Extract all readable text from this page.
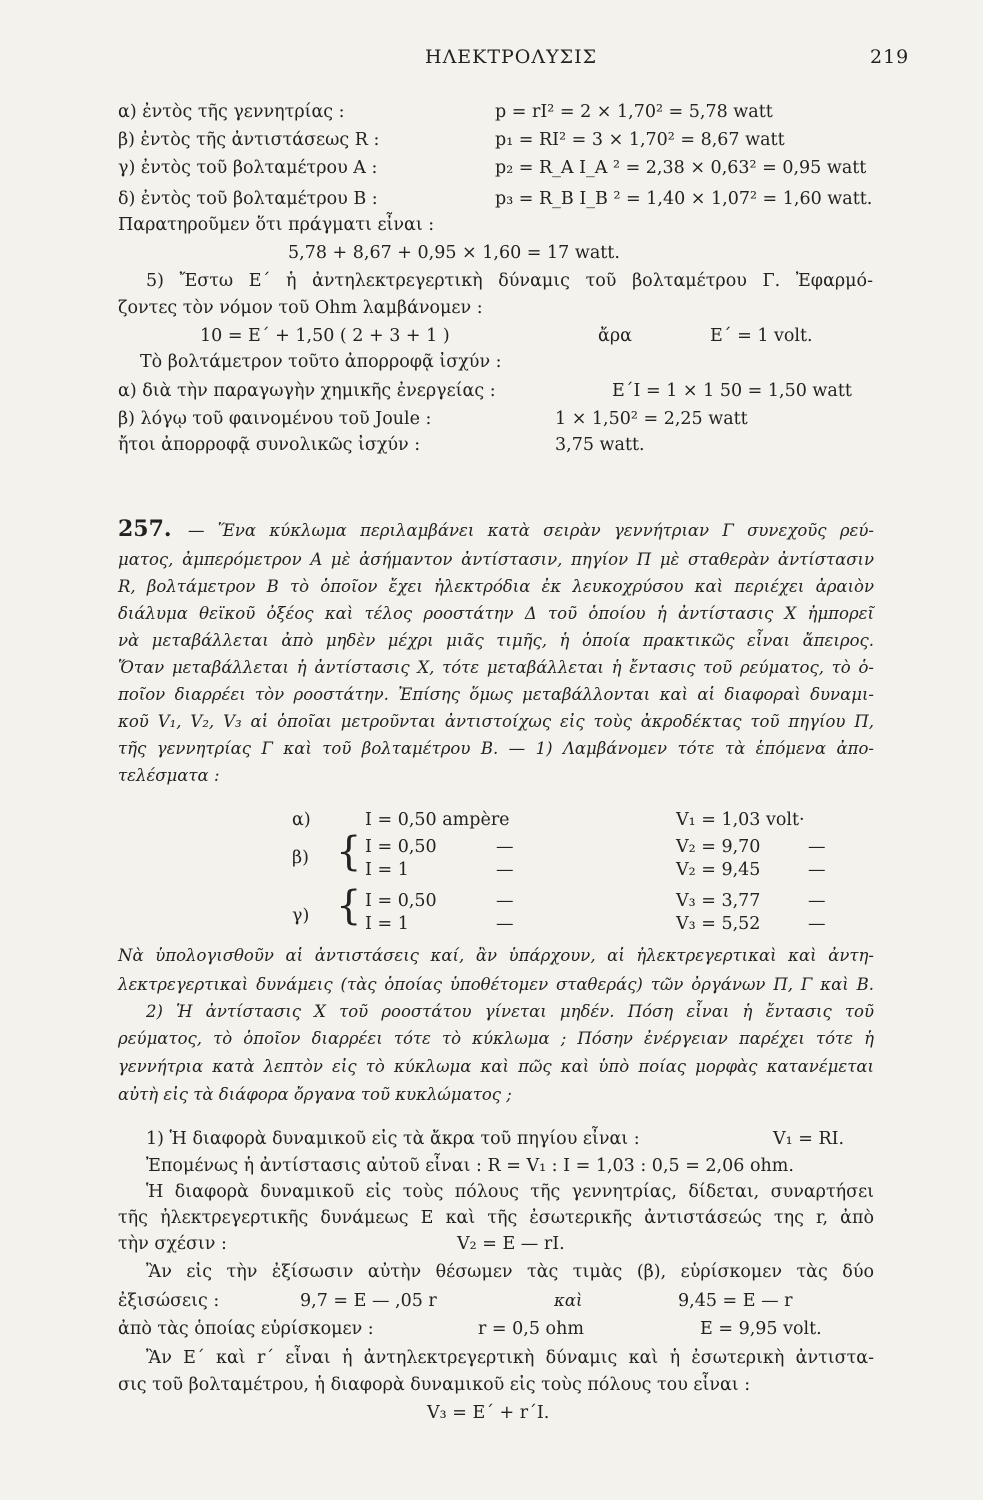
ΗΛΕΚΤΡΟΛΥΣΙΣ	219
α) ἐντὸς τῆς γεννητρίας :	p = rI² = 2 × 1,70² = 5,78 watt
β) ἐντὸς τῆς ἀντιστάσεως R :	p₁ = RI² = 3 × 1,70² = 8,67 watt
γ) ἐντὸς τοῦ βολταμέτρου Α :	p₂ = R_A I_A ² = 2,38 × 0,63² = 0,95 watt
δ) ἐντὸς τοῦ βολταμέτρου Β :	p₃ = R_B I_B ² = 1,40 × 1,07² = 1,60 watt.
Παρατηροῦμεν ὅτι πράγματι εἶναι :
5,78 + 8,67 + 0,95 × 1,60 = 17 watt.
5) Ἔστω Ε΄ ἡ ἀντηλεκτρεγερτικὴ δύναμις τοῦ βολταμέτρου Γ. Ἐφαρμό-
ζοντες τὸν νόμον τοῦ Ohm λαμβάνομεν :
10 = Ε΄ + 1,50 ( 2 + 3 + 1 )	ἄρα	Ε΄ = 1 volt.
Τὸ βολτάμετρον τοῦτο ἀπορροφᾷ ἰσχύν :
α) διὰ τὴν παραγωγὴν χημικῆς ἐνεργείας :	Ε΄Ι = 1 × 1 50 = 1,50 watt
β) λόγῳ τοῦ φαινομένου τοῦ Joule :	1 × 1,50² = 2,25 watt
ἤτοι ἀπορροφᾷ συνολικῶς ἰσχύν :	3,75 watt.
257. — Ἕνα κύκλωμα περιλαμβάνει κατὰ σειρὰν γεννήτριαν Γ συνεχοῦς ρεύ-
ματος, ἀμπερόμετρον Α μὲ ἀσήμαντον ἀντίστασιν, πηγίον Π μὲ σταθερὰν ἀντίστασιν
R, βολτάμετρον Β τὸ ὁποῖον ἔχει ἠλεκτρόδια ἐκ λευκοχρύσου καὶ περιέχει ἀραιὸν
διάλυμα θεϊκοῦ ὀξέος καὶ τέλος ροοστάτην Δ τοῦ ὁποίου ἡ ἀντίστασις Χ ἠμπορεῖ
νὰ μεταβάλλεται ἀπὸ μηδὲν μέχρι μιᾶς τιμῆς, ἡ ὁποία πρακτικῶς εἶναι ἄπειρος.
Ὅταν μεταβάλλεται ἡ ἀντίστασις Χ, τότε μεταβάλλεται ἡ ἔντασις τοῦ ρεύματος, τὸ ὁ-
ποῖον διαρρέει τὸν ροοστάτην. Ἐπίσης ὅμως μεταβάλλονται καὶ αἱ διαφοραὶ δυναμι-
κοῦ V₁, V₂, V₃ αἱ ὁποῖαι μετροῦνται ἀντιστοίχως εἰς τοὺς ἀκροδέκτας τοῦ πηγίου Π,
τῆς γεννητρίας Γ καὶ τοῦ βολταμέτρου Β. — 1) Λαμβάνομεν τότε τὰ ἑπόμενα ἀπο-
τελέσματα :
α)	I = 0,50 ampère	V₁ = 1,03 volt·
β) { I = 0,50	—	V₂ = 9,70	—
I = 1	—	V₂ = 9,45	—
γ) { I = 0,50	—	V₃ = 3,77	—
I = 1	—	V₃ = 5,52	—
Νὰ ὑπολογισθοῦν αἱ ἀντιστάσεις καί, ἂν ὑπάρχουν, αἱ ἠλεκτρεγερτικαὶ καὶ ἀντη-
λεκτρεγερτικαὶ δυνάμεις (τὰς ὁποίας ὑποθέτομεν σταθεράς) τῶν ὀργάνων Π, Γ καὶ Β.
2) Ἡ ἀντίστασις Χ τοῦ ροοστάτου γίνεται μηδέν. Πόση εἶναι ἡ ἔντασις τοῦ
ρεύματος, τὸ ὁποῖον διαρρέει τότε τὸ κύκλωμα ; Πόσην ἐνέργειαν παρέχει τότε ἡ
γεννήτρια κατὰ λεπτὸν εἰς τὸ κύκλωμα καὶ πῶς καὶ ὑπὸ ποίας μορφὰς κατανέμεται
αὐτὴ εἰς τὰ διάφορα ὄργανα τοῦ κυκλώματος ;
1) Ἡ διαφορὰ δυναμικοῦ εἰς τὰ ἄκρα τοῦ πηγίου εἶναι :	V₁ = RI.
Ἐπομένως ἡ ἀντίστασις αὐτοῦ εἶναι : R = V₁ : I = 1,03 : 0,5 = 2,06 ohm.
Ἡ διαφορὰ δυναμικοῦ εἰς τοὺς πόλους τῆς γεννητρίας, δίδεται, συναρτήσει
τῆς ἠλεκτρεγερτικῆς δυνάμεως Ε καὶ τῆς ἐσωτερικῆς ἀντιστάσεώς της r, ἀπὸ
τὴν σχέσιν :	V₂ = E — rI.
Ἂν εἰς τὴν ἐξίσωσιν αὐτὴν θέσωμεν τὰς τιμὰς (β), εὑρίσκομεν τὰς δύο
ἐξισώσεις :	9,7 = E — ,05 r	καὶ	9,45 = E — r
ἀπὸ τὰς ὁποίας εὑρίσκομεν :	r = 0,5 ohm	E = 9,95 volt.
Ἂν Ε΄ καὶ r΄ εἶναι ἡ ἀντηλεκτρεγερτικὴ δύναμις καὶ ἡ ἐσωτερικὴ ἀντιστα-
σις τοῦ βολταμέτρου, ἡ διαφορὰ δυναμικοῦ εἰς τοὺς πόλους του εἶναι :
V₃ = E΄ + r΄I.
